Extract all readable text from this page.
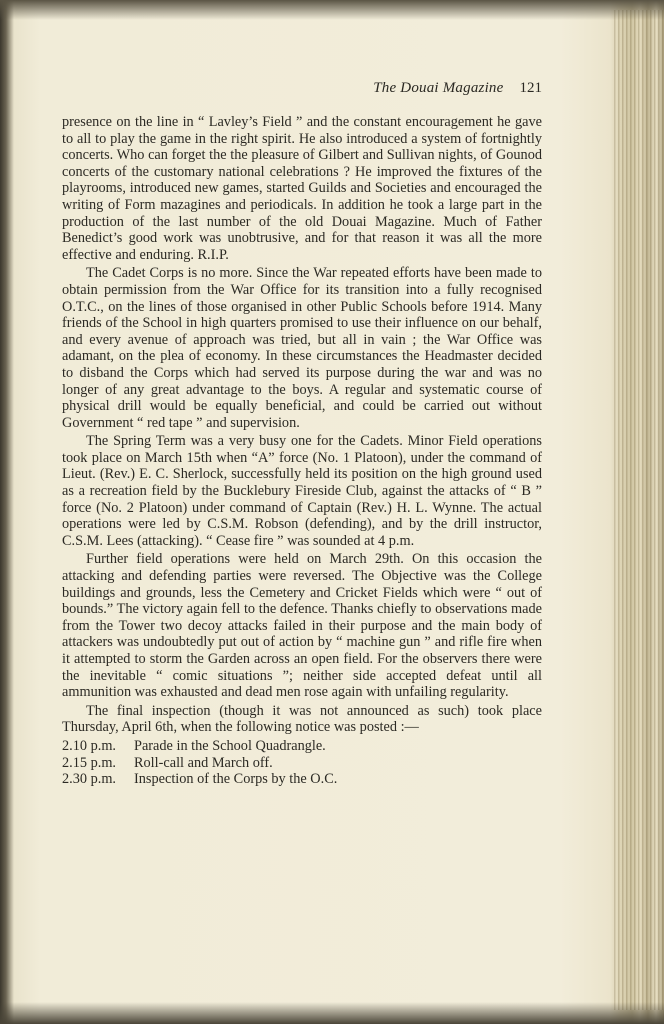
The Douai Magazine 121

presence on the line in “ Lavley’s Field ” and the constant encouragement he gave to all to play the game in the right spirit. He also introduced a system of fortnightly concerts. Who can forget the the pleasure of Gilbert and Sullivan nights, of Gounod concerts of the customary national celebrations ? He improved the fixtures of the playrooms, introduced new games, started Guilds and Societies and encouraged the writing of Form mazagines and periodicals. In addition he took a large part in the production of the last number of the old Douai Magazine. Much of Father Benedict’s good work was unobtrusive, and for that reason it was all the more effective and enduring. R.I.P.

The Cadet Corps is no more. Since the War repeated efforts have been made to obtain permission from the War Office for its transition into a fully recognised O.T.C., on the lines of those organised in other Public Schools before 1914. Many friends of the School in high quarters promised to use their influence on our behalf, and every avenue of approach was tried, but all in vain ; the War Office was adamant, on the plea of economy. In these circumstances the Headmaster decided to disband the Corps which had served its purpose during the war and was no longer of any great advantage to the boys. A regular and systematic course of physical drill would be equally beneficial, and could be carried out without Government “ red tape ” and supervision.

The Spring Term was a very busy one for the Cadets. Minor Field operations took place on March 15th when “A” force (No. 1 Platoon), under the command of Lieut. (Rev.) E. C. Sherlock, successfully held its position on the high ground used as a recreation field by the Bucklebury Fireside Club, against the attacks of “ B ” force (No. 2 Platoon) under command of Captain (Rev.) H. L. Wynne. The actual operations were led by C.S.M. Robson (defending), and by the drill instructor, C.S.M. Lees (attacking). “ Cease fire ” was sounded at 4 p.m.

Further field operations were held on March 29th. On this occasion the attacking and defending parties were reversed. The Objective was the College buildings and grounds, less the Cemetery and Cricket Fields which were “ out of bounds.” The victory again fell to the defence. Thanks chiefly to observations made from the Tower two decoy attacks failed in their purpose and the main body of attackers was undoubtedly put out of action by “ machine gun ” and rifle fire when it attempted to storm the Garden across an open field. For the observers there were the inevitable “ comic situations ”; neither side accepted defeat until all ammunition was exhausted and dead men rose again with unfailing regularity.

The final inspection (though it was not announced as such) took place Thursday, April 6th, when the following notice was posted :—

2.10 p.m.	Parade in the School Quadrangle.
2.15 p.m.	Roll-call and March off.
2.30 p.m.	Inspection of the Corps by the O.C.
